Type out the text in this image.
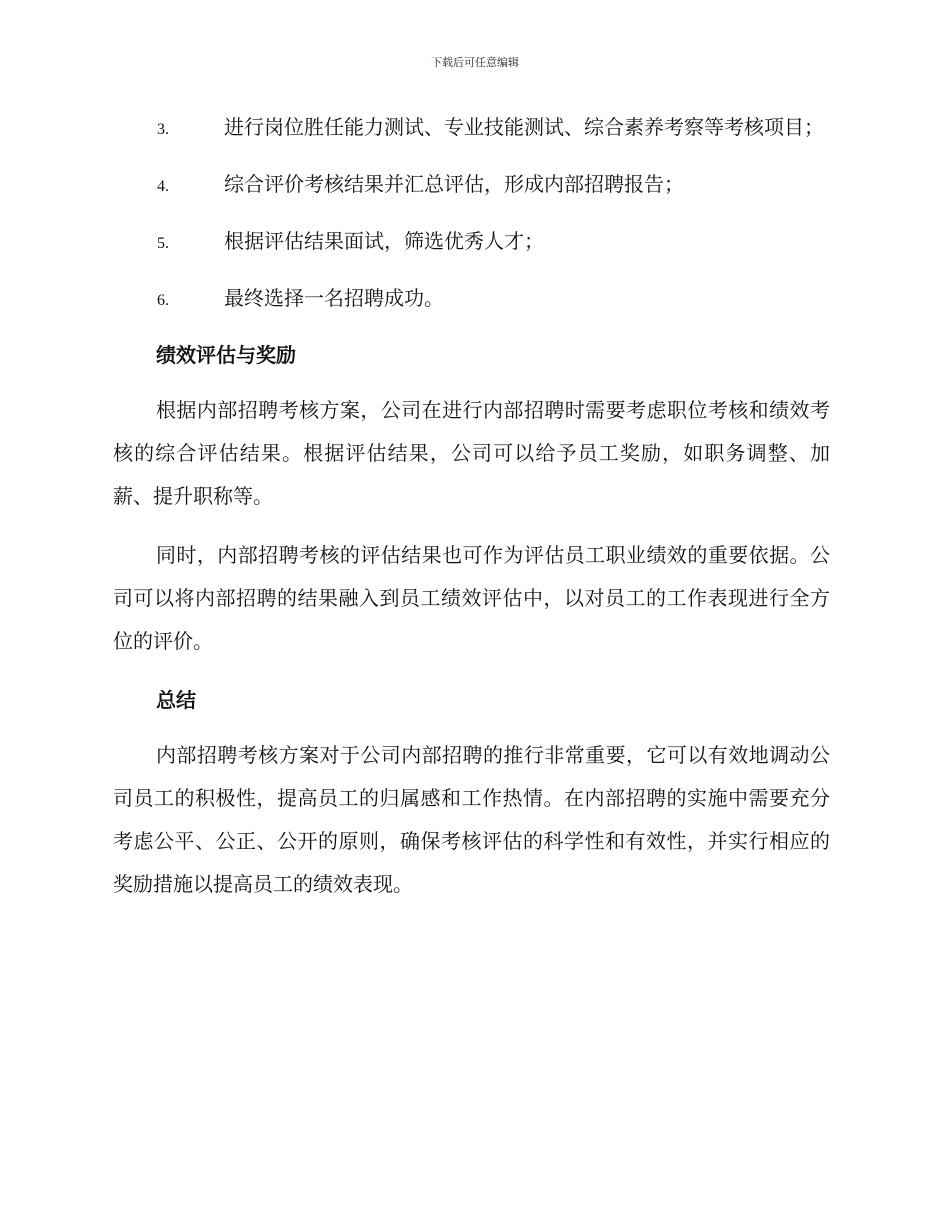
下载后可任意编辑

3.	进行岗位胜任能力测试、专业技能测试、综合素养考察等考核项目；

4.	综合评价考核结果并汇总评估，形成内部招聘报告；

5.	根据评估结果面试，筛选优秀人才；

6.	最终选择一名招聘成功。

绩效评估与奖励

根据内部招聘考核方案，公司在进行内部招聘时需要考虑职位考核和绩效考核的综合评估结果。根据评估结果，公司可以给予员工奖励，如职务调整、加薪、提升职称等。

同时，内部招聘考核的评估结果也可作为评估员工职业绩效的重要依据。公司可以将内部招聘的结果融入到员工绩效评估中，以对员工的工作表现进行全方位的评价。

总结

内部招聘考核方案对于公司内部招聘的推行非常重要，它可以有效地调动公司员工的积极性，提高员工的归属感和工作热情。在内部招聘的实施中需要充分考虑公平、公正、公开的原则，确保考核评估的科学性和有效性，并实行相应的奖励措施以提高员工的绩效表现。
